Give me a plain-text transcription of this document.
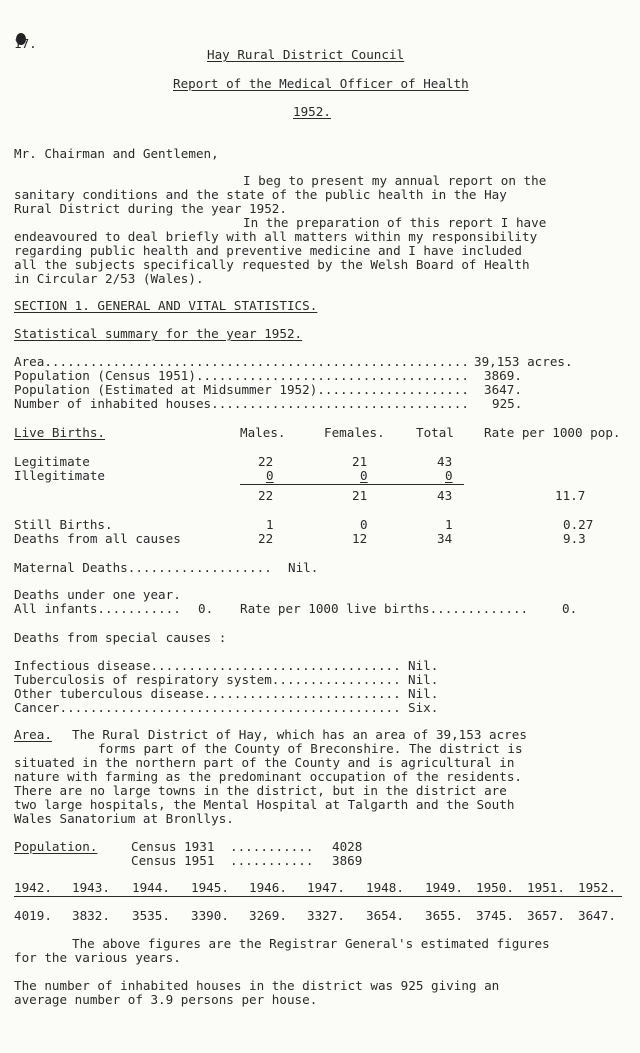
17.
Hay Rural District Council
Report of the Medical Officer of Health
1952.
Mr. Chairman and Gentlemen,
I beg to present my annual report on the
sanitary conditions and the state of the public health in the Hay
Rural District during the year 1952.
In the preparation of this report I have
endeavoured to deal briefly with all matters within my responsibility
regarding public health and preventive medicine and I have included
all the subjects specifically requested by the Welsh Board of Health
in Circular 2/53 (Wales).
SECTION 1. GENERAL AND VITAL STATISTICS.
Statistical summary for the year 1952.
Area........................................................ 39,153 acres.
Population (Census 1951).................................... 3869.
Population (Estimated at Midsummer 1952).................... 3647.
Number of inhabited houses.................................. 925.
Live Births.	Males.	Females. Total Rate per 1000 pop.
Legitimate	22	21	43
Illegitimate	0	0	0
22	21	43	11.7
Still Births.	1	0	1	0.27
Deaths from all causes	22	12	34	9.3
Maternal Deaths................... Nil.
Deaths under one year.
All infants........... 0. Rate per 1000 live births.............	0.
Deaths from special causes :
Infectious disease................................. Nil.
Tuberculosis of respiratory system................. Nil.
Other tuberculous disease.......................... Nil.
Cancer............................................. Six.
Area. The Rural District of Hay, which has an area of 39,153 acres
forms part of the County of Breconshire. The district is
situated in the northern part of the County and is agricultural in
nature with farming as the predominant occupation of the residents.
There are no large towns in the district, but in the district are
two large hospitals, the Mental Hospital at Talgarth and the South
Wales Sanatorium at Bronllys.
Population.	Census 1931 ........... 4028
Census 1951 ........... 3869
1942. 1943. 1944. 1945. 1946. 1947. 1948. 1949. 1950. 1951. 1952.
4019. 3832. 3535. 3390. 3269. 3327. 3654. 3655. 3745. 3657. 3647.
The above figures are the Registrar General's estimated figures
for the various years.
The number of inhabited houses in the district was 925 giving an
average number of 3.9 persons per house.
